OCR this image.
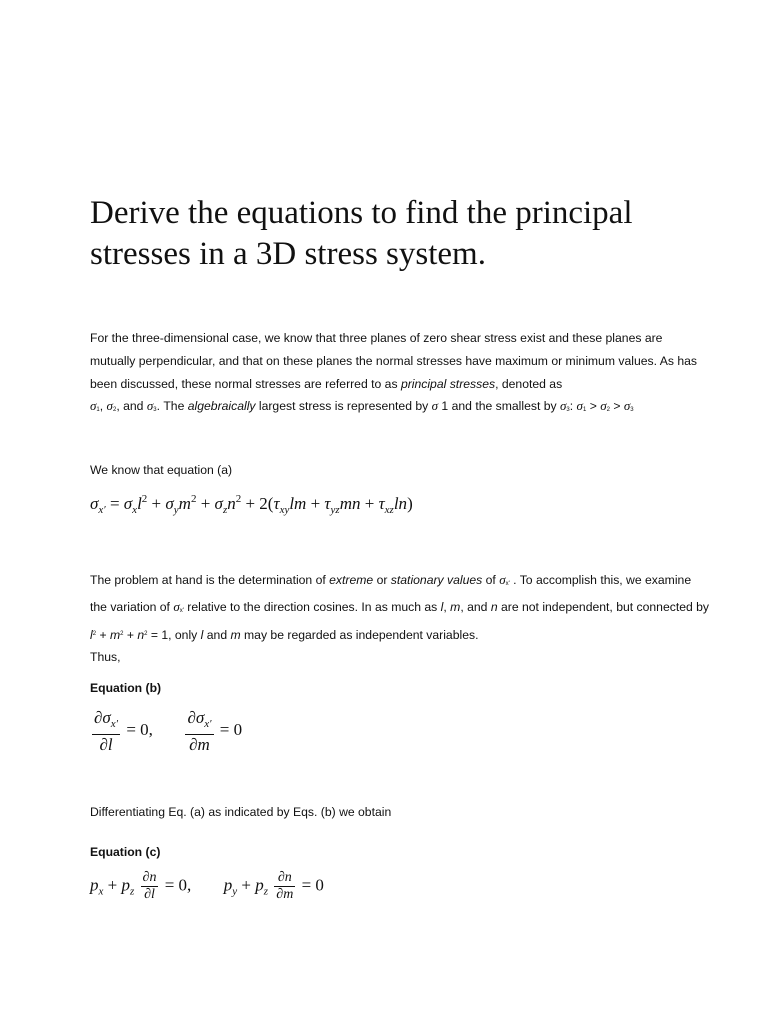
Derive the equations to find the principal stresses in a 3D stress system.

For the three-dimensional case, we know that three planes of zero shear stress exist and these planes are mutually perpendicular, and that on these planes the normal stresses have maximum or minimum values. As has been discussed, these normal stresses are referred to as principal stresses, denoted as
σ1, σ2, and σ3. The algebraically largest stress is represented by σ 1 and the smallest by σ3: σ1 > σ2 > σ3

We know that equation (a)

$\sigma_{x'} = \sigma_xl^2 + \sigma_ym^2 + \sigma_zn^2 + 2(\tau_{xy}lm + \tau_{yz}mn + \tau_{xz}\ln)$

The problem at hand is the determination of extreme or stationary values of σx' . To accomplish this, we examine the variation of σx' relative to the direction cosines. In as much as l, m, and n are not independent, but connected by $l^2 + m^2 + n^2 = 1$, only l and m may be regarded as independent variables.
Thus,

Equation (b)

$\frac{\partial\sigma_{x'}}{\partial l} = 0$, $\frac{\partial\sigma_{x'}}{\partial m} = 0$

Differentiating Eq. (a) as indicated by Eqs. (b) we obtain

Equation (c)

$p_x + p_z \frac{\partial n}{\partial l} = 0$,  $p_y + p_z \frac{\partial n}{\partial m} = 0$
